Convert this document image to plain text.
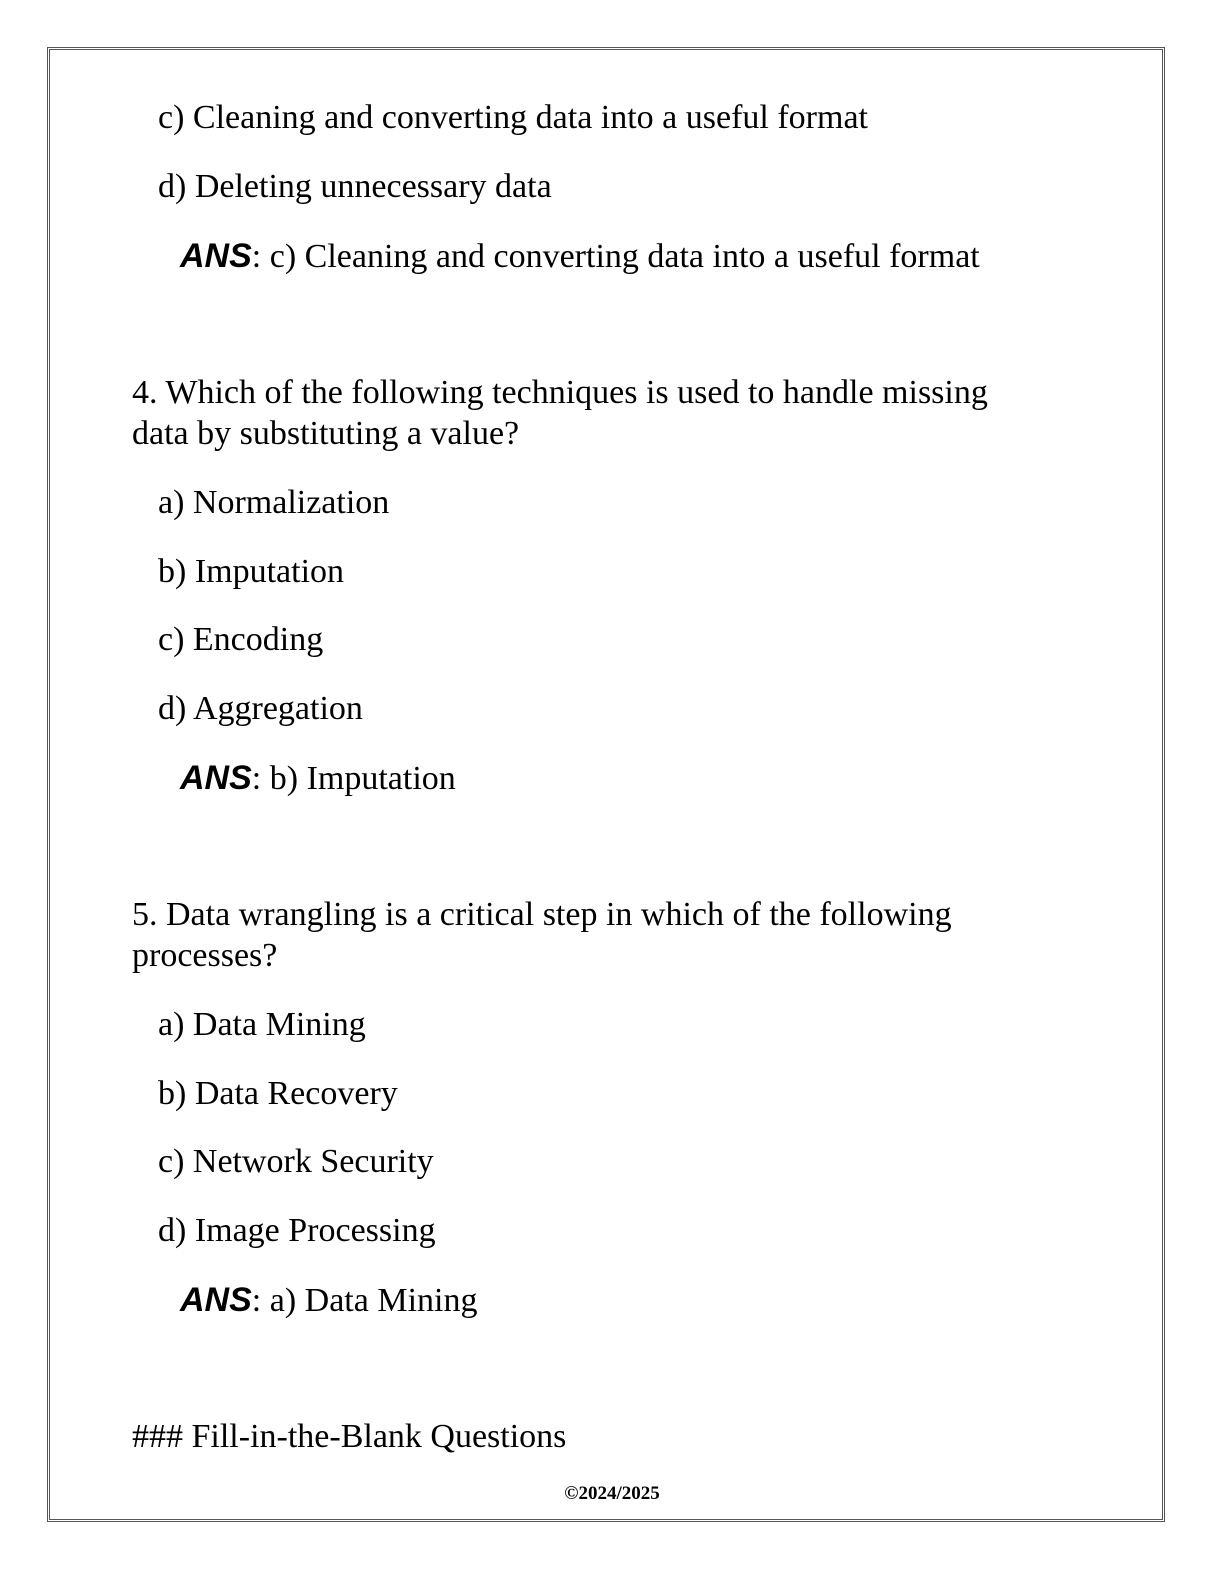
c) Cleaning and converting data into a useful format
d) Deleting unnecessary data
ANS: c) Cleaning and converting data into a useful format
4. Which of the following techniques is used to handle missing
data by substituting a value?
a) Normalization
b) Imputation
c) Encoding
d) Aggregation
ANS: b) Imputation
5. Data wrangling is a critical step in which of the following
processes?
a) Data Mining
b) Data Recovery
c) Network Security
d) Image Processing
ANS: a) Data Mining
### Fill-in-the-Blank Questions
©2024/2025
